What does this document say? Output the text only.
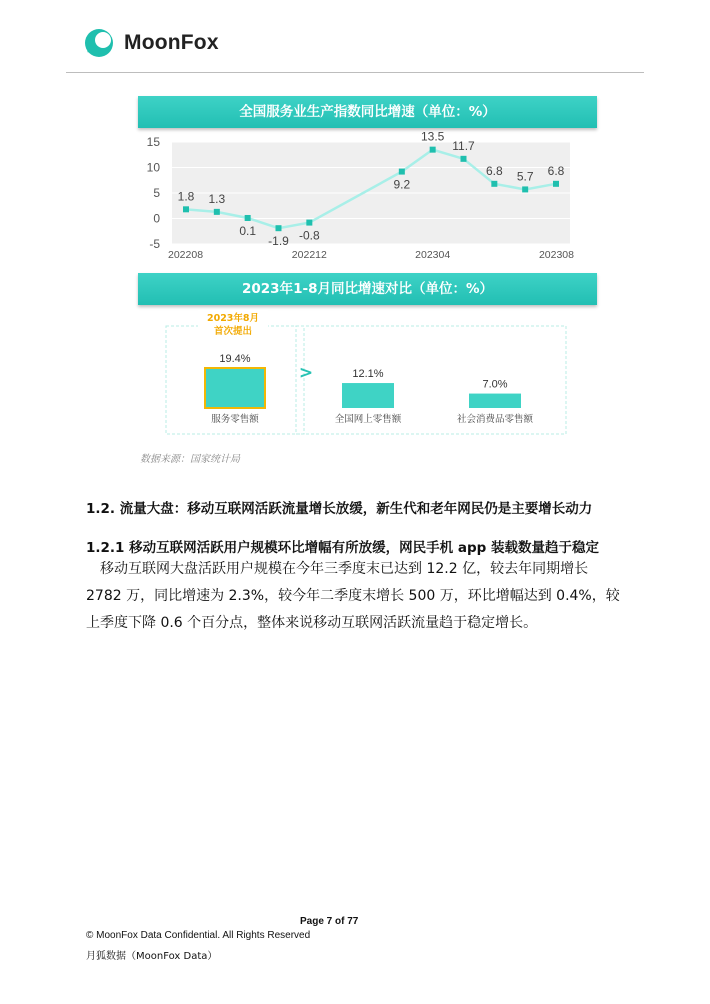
MoonFox
全国服务业生产指数同比增速（单位：%）
15
10
5
0
-5
202208	202212	202304	202308
1.8 1.3
0.1
-1.9 -0.8
9.2
13.5
11.7
6.8 5.7 6.8
2023年1-8月同比增速对比（单位：%）
2023年8月
首次提出
>
19.4%
服务零售额
12.1%
全国网上零售额
7.0%
社会消费品零售额
数据来源：国家统计局
1.2. 流量大盘：移动互联网活跃流量增长放缓，新生代和老年网民仍是主要增长动力
1.2.1 移动互联网活跃用户规模环比增幅有所放缓，网民手机 app 装载数量趋于稳定
　移动互联网大盘活跃用户规模在今年三季度末已达到 12.2 亿，较去年同期增长
2782 万，同比增速为 2.3%，较今年二季度末增长 500 万，环比增幅达到 0.4%，较
上季度下降 0.6 个百分点，整体来说移动互联网活跃流量趋于稳定增长。
Page 7 of 77
© MoonFox Data Confidential. All Rights Reserved
月狐数据（MoonFox Data）
